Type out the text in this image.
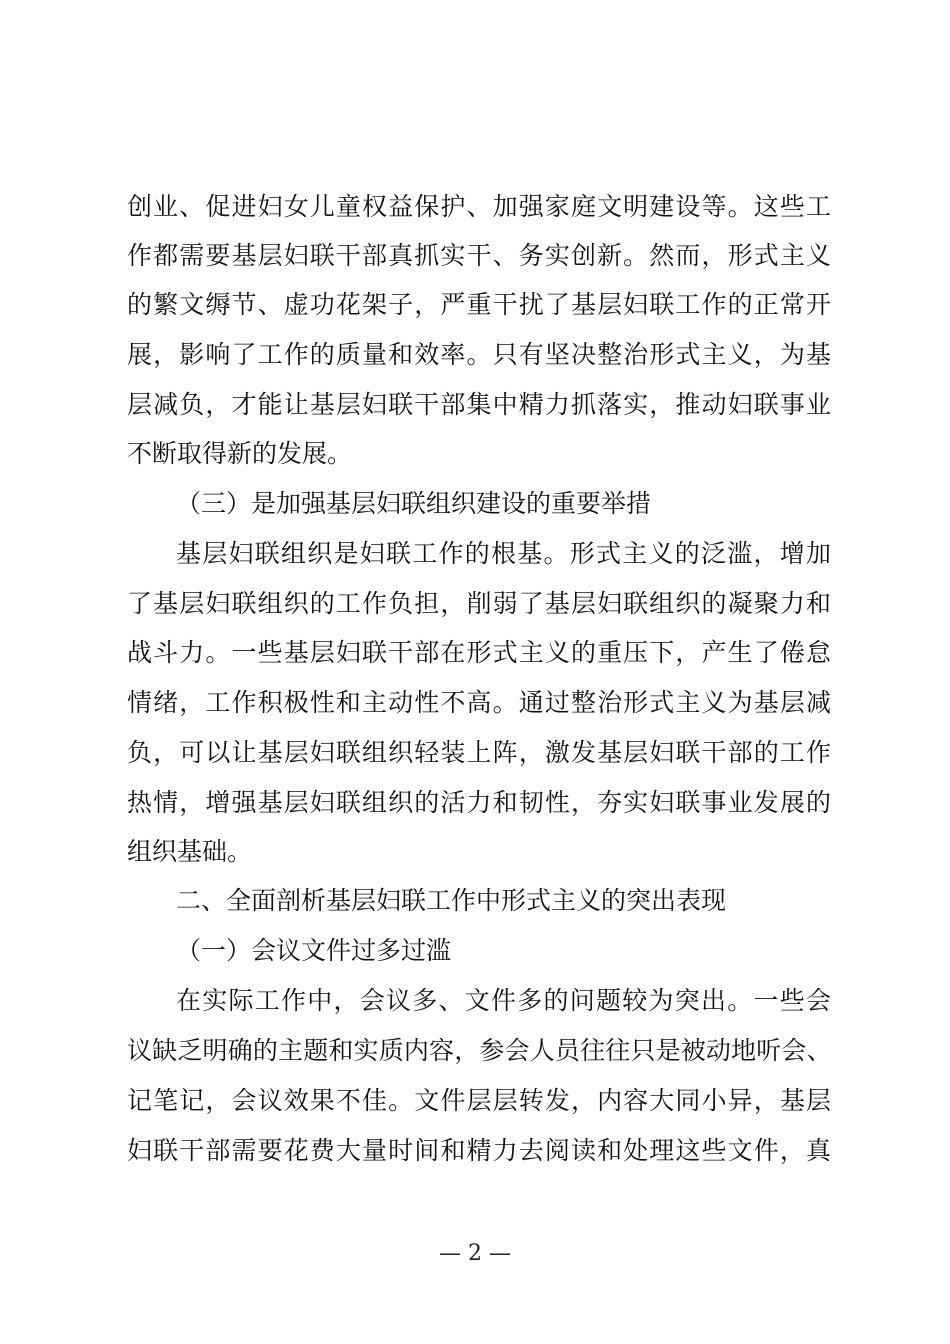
创业、促进妇女儿童权益保护、加强家庭文明建设等。这些工

作都需要基层妇联干部真抓实干、务实创新。然而，形式主义

的繁文缛节、虚功花架子，严重干扰了基层妇联工作的正常开

展，影响了工作的质量和效率。只有坚决整治形式主义，为基

层减负，才能让基层妇联干部集中精力抓落实，推动妇联事业

不断取得新的发展。

（三）是加强基层妇联组织建设的重要举措

基层妇联组织是妇联工作的根基。形式主义的泛滥，增加

了基层妇联组织的工作负担，削弱了基层妇联组织的凝聚力和

战斗力。一些基层妇联干部在形式主义的重压下，产生了倦怠

情绪，工作积极性和主动性不高。通过整治形式主义为基层减

负，可以让基层妇联组织轻装上阵，激发基层妇联干部的工作

热情，增强基层妇联组织的活力和韧性，夯实妇联事业发展的

组织基础。

二、全面剖析基层妇联工作中形式主义的突出表现

（一）会议文件过多过滥

在实际工作中，会议多、文件多的问题较为突出。一些会

议缺乏明确的主题和实质内容，参会人员往往只是被动地听会、

记笔记，会议效果不佳。文件层层转发，内容大同小异，基层

妇联干部需要花费大量时间和精力去阅读和处理这些文件，真

— 2 —
